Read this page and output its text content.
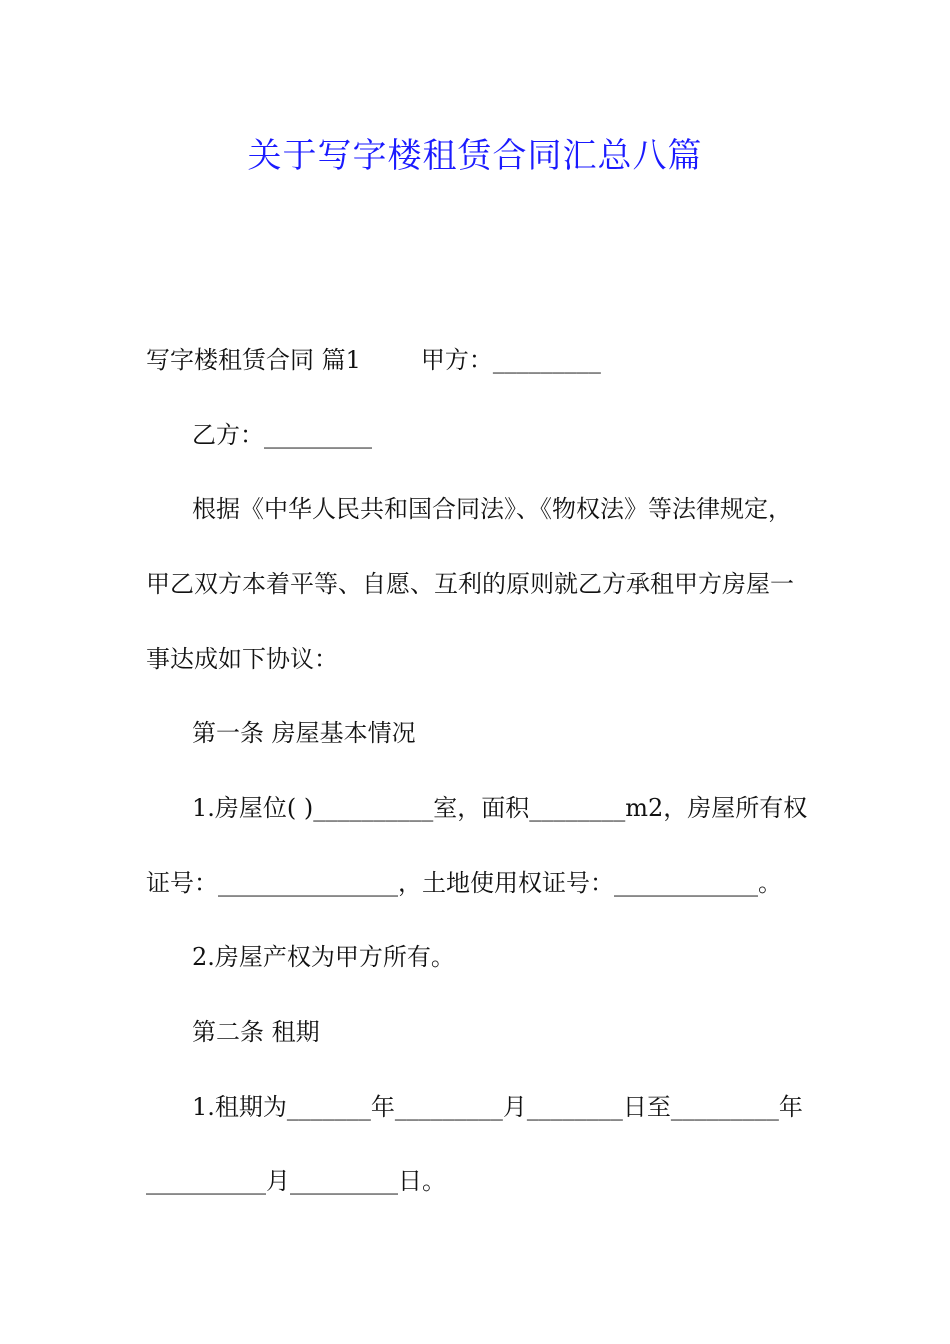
关于写字楼租赁合同汇总八篇
写字楼租赁合同 篇1	甲方：_________
乙方：_________
根据《中华人民共和国合同法》、《物权法》等法律规定，
甲乙双方本着平等、自愿、互利的原则就乙方承租甲方房屋一
事达成如下协议：
第一条 房屋基本情况
1.房屋位( )__________室，面积________m2，房屋所有权
证号：_______________，土地使用权证号：____________。
2.房屋产权为甲方所有。
第二条 租期
1.租期为_______年_________月________日至_________年
__________月_________日。
